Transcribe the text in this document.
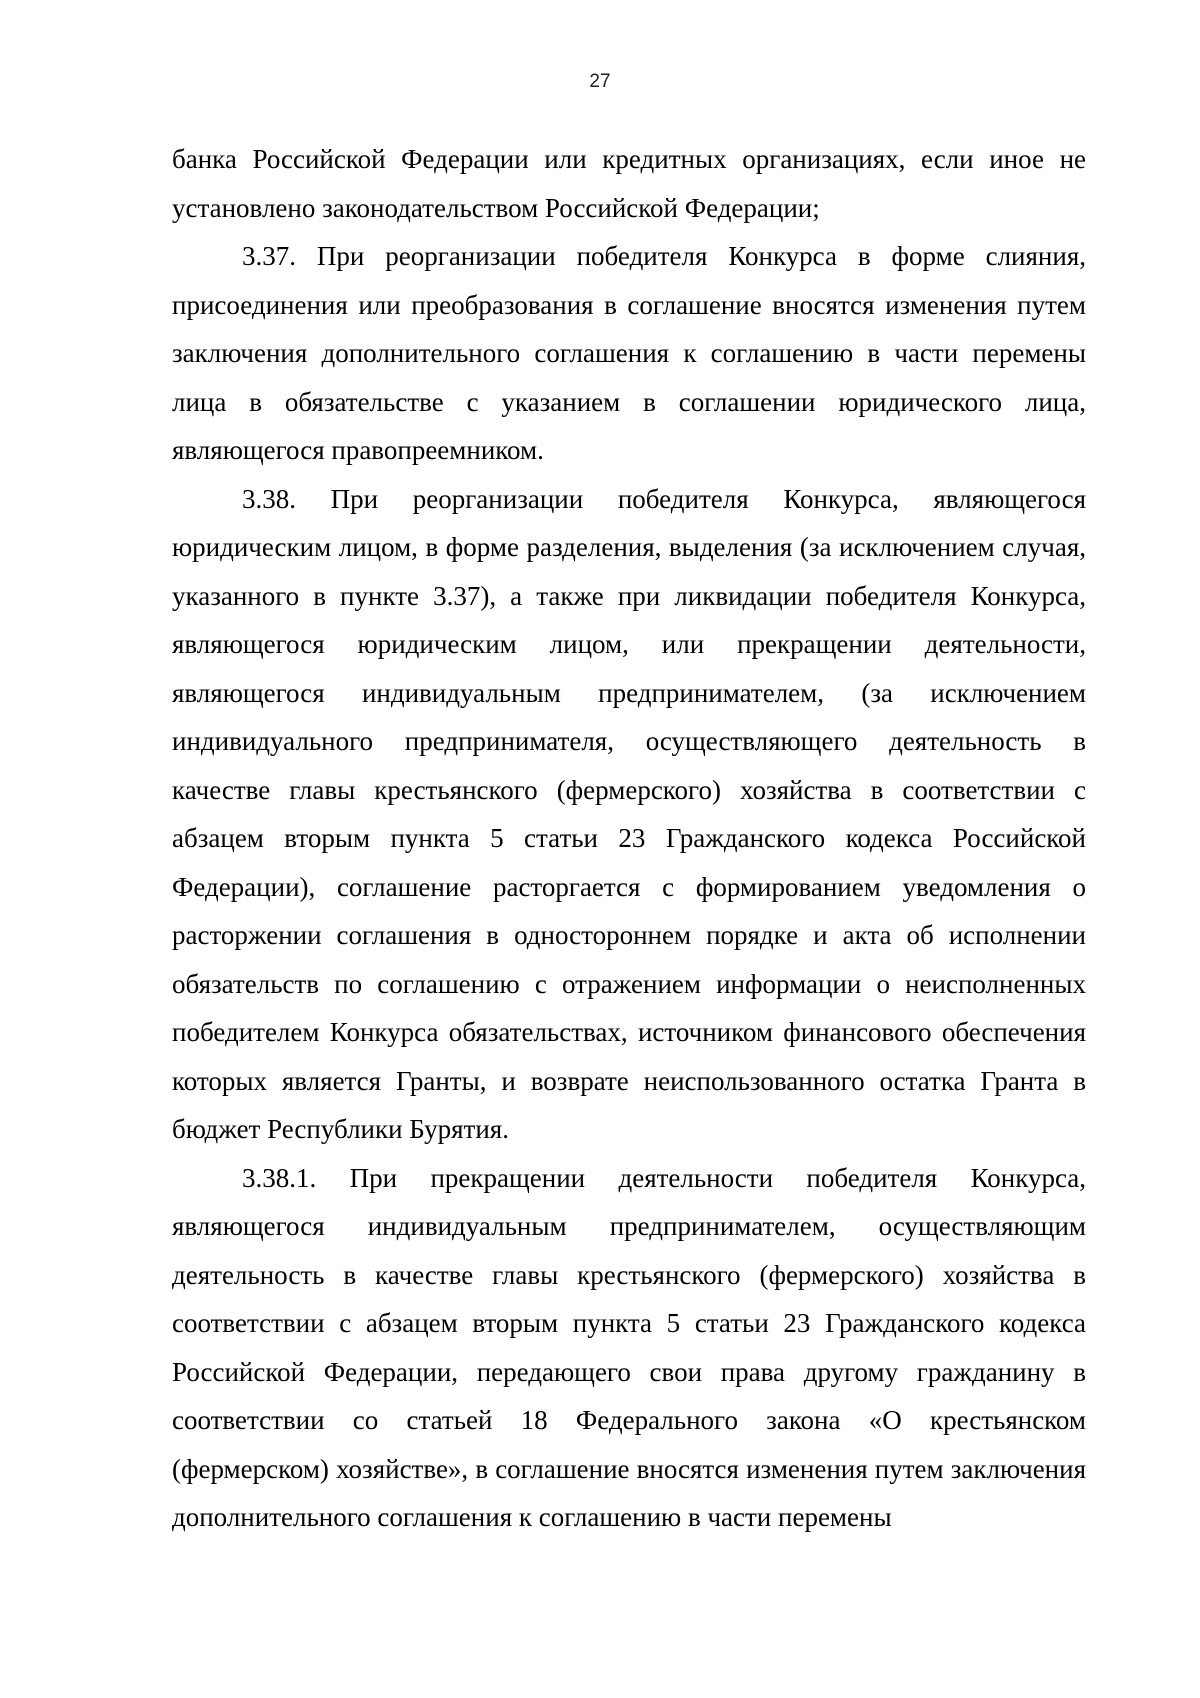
27

банка Российской Федерации или кредитных организациях, если иное не установлено законодательством Российской Федерации;

3.37. При реорганизации победителя Конкурса в форме слияния, присоединения или преобразования в соглашение вносятся изменения путем заключения дополнительного соглашения к соглашению в части перемены лица в обязательстве с указанием в соглашении юридического лица, являющегося правопреемником.

3.38. При реорганизации победителя Конкурса, являющегося юридическим лицом, в форме разделения, выделения (за исключением случая, указанного в пункте 3.37), а также при ликвидации победителя Конкурса, являющегося юридическим лицом, или прекращении деятельности, являющегося индивидуальным предпринимателем, (за исключением индивидуального предпринимателя, осуществляющего деятельность в качестве главы крестьянского (фермерского) хозяйства в соответствии с абзацем вторым пункта 5 статьи 23 Гражданского кодекса Российской Федерации), соглашение расторгается с формированием уведомления о расторжении соглашения в одностороннем порядке и акта об исполнении обязательств по соглашению с отражением информации о неисполненных победителем Конкурса обязательствах, источником финансового обеспечения которых является Гранты, и возврате неиспользованного остатка Гранта в бюджет Республики Бурятия.

3.38.1. При прекращении деятельности победителя Конкурса, являющегося индивидуальным предпринимателем, осуществляющим деятельность в качестве главы крестьянского (фермерского) хозяйства в соответствии с абзацем вторым пункта 5 статьи 23 Гражданского кодекса Российской Федерации, передающего свои права другому гражданину в соответствии со статьей 18 Федерального закона «О крестьянском (фермерском) хозяйстве», в соглашение вносятся изменения путем заключения дополнительного соглашения к соглашению в части перемены
